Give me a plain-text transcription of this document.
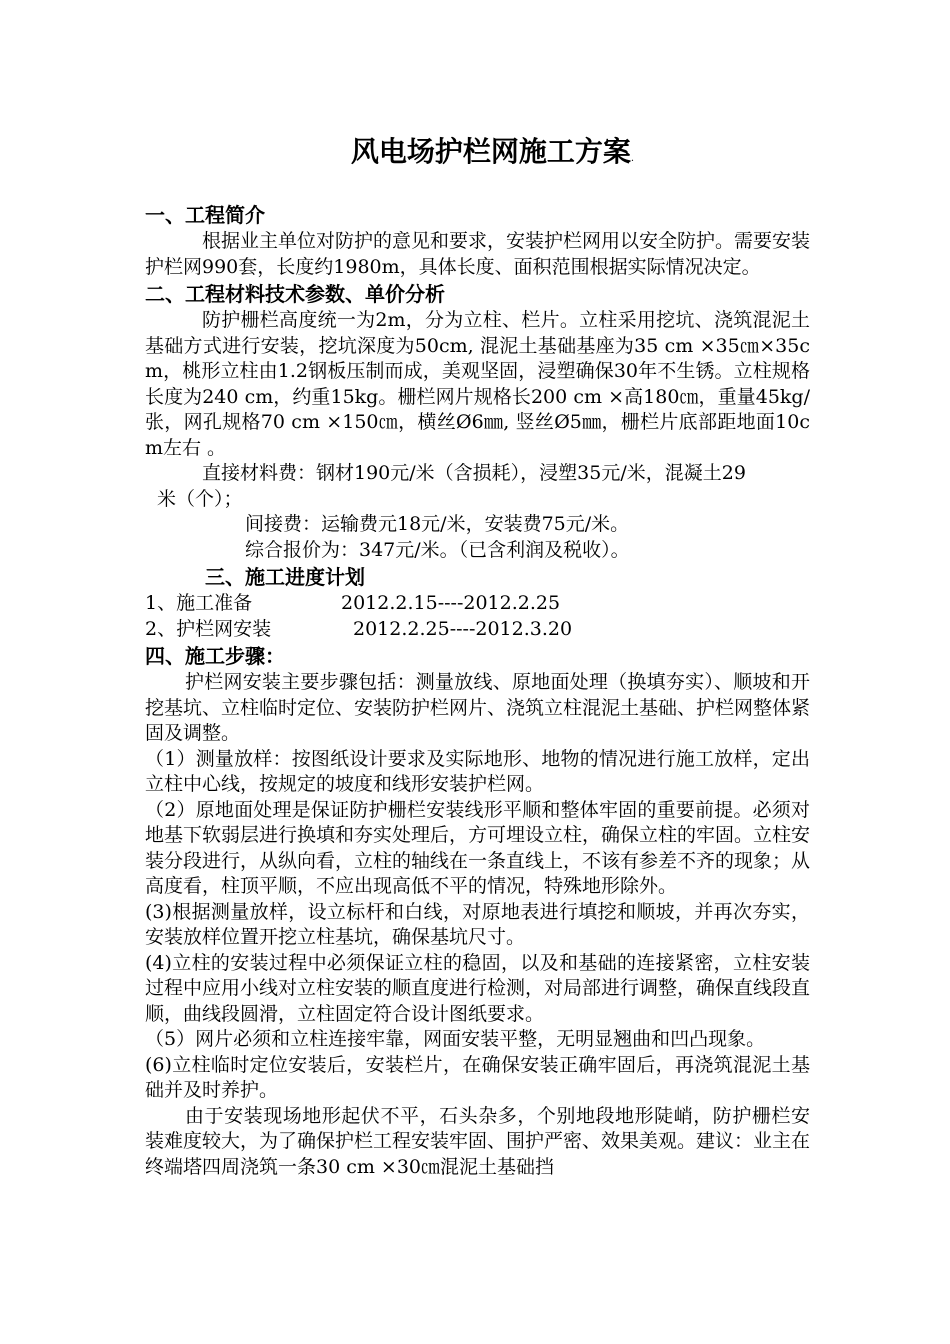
风电场护栏网施工方案.
一、工程简介

根据业主单位对防护的意见和要求，安装护栏网用以安全防护。需要安装护栏网990套，长度约1980m，具体长度、面积范围根据实际情况决定。

二、工程材料技术参数、单价分析

防护栅栏高度统一为2m，分为立柱、栏片。立柱采用挖坑、浇筑混泥土基础方式进行安装，挖坑深度为50cm, 混泥土基础基座为35 cm ×35㎝×35cm，桃形立柱由1.2钢板压制而成，美观坚固，浸塑确保30年不生锈。立柱规格长度为240 cm，约重15kg。栅栏网片规格长200 cm ×高180㎝，重量45kg/张，网孔规格70 cm ×150㎝，横丝Ø6㎜, 竖丝Ø5㎜，栅栏片底部距地面10cm左右 。

直接材料费：钢材190元/米（含损耗），浸塑35元/米，混凝土29

米（个）；

间接费：运输费元18元/米，安装费75元/米。

综合报价为：347元/米。（已含利润及税收）。

三、施工进度计划

1、施工准备	2012.2.15----2012.2.25

2、护栏网安装	2012.2.25----2012.3.20

四、施工步骤：

护栏网安装主要步骤包括：测量放线、原地面处理（换填夯实）、顺坡和开挖基坑、立柱临时定位、安装防护栏网片、浇筑立柱混泥土基础、护栏网整体紧固及调整。

（1）测量放样：按图纸设计要求及实际地形、地物的情况进行施工放样，定出立柱中心线，按规定的坡度和线形安装护栏网。

（2）原地面处理是保证防护栅栏安装线形平顺和整体牢固的重要前提。必须对地基下软弱层进行换填和夯实处理后，方可埋设立柱，确保立柱的牢固。立柱安装分段进行，从纵向看，立柱的轴线在一条直线上，不该有参差不齐的现象；从高度看，柱顶平顺，不应出现高低不平的情况，特殊地形除外。

(3)根据测量放样，设立标杆和白线，对原地表进行填挖和顺坡，并再次夯实，安装放样位置开挖立柱基坑，确保基坑尺寸。

(4)立柱的安装过程中必须保证立柱的稳固，以及和基础的连接紧密，立柱安装过程中应用小线对立柱安装的顺直度进行检测，对局部进行调整，确保直线段直顺，曲线段圆滑，立柱固定符合设计图纸要求。

（5）网片必须和立柱连接牢靠，网面安装平整，无明显翘曲和凹凸现象。

(6)立柱临时定位安装后，安装栏片，在确保安装正确牢固后，再浇筑混泥土基础并及时养护。

由于安装现场地形起伏不平，石头杂多，个别地段地形陡峭，防护栅栏安装难度较大，为了确保护栏工程安装牢固、围护严密、效果美观。建议：业主在终端塔四周浇筑一条30 cm ×30㎝混泥土基础挡
